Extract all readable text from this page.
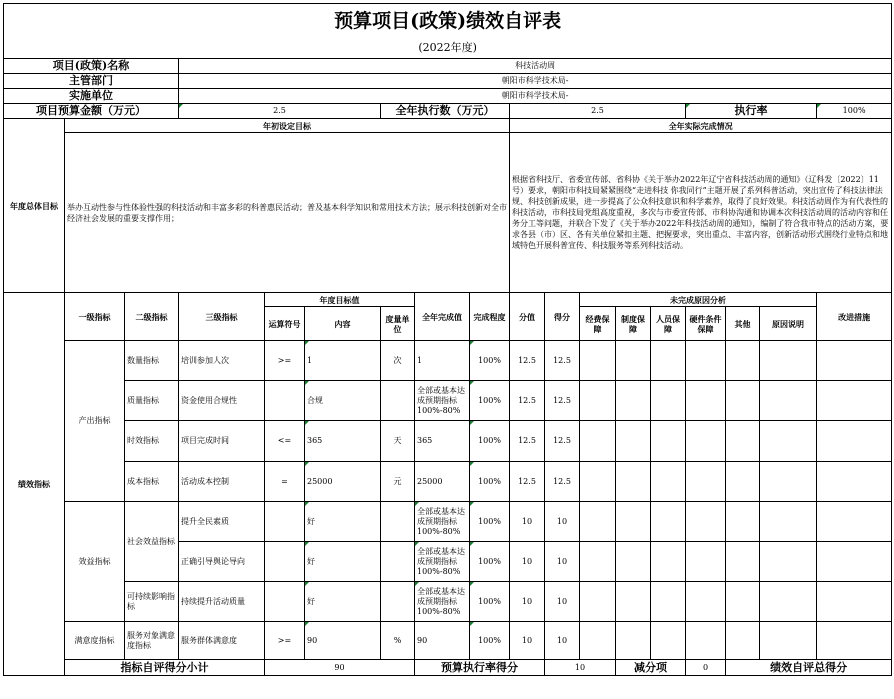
预算项目(政策)绩效自评表																		
(2022年度)																		
项目(政策)名称			科技活动周															
主管部门			朝阳市科学技术局-															
实施单位			朝阳市科学技术局-															
项目预算金额（万元）			2.5			全年执行数（万元）			2.5					执行率			100%	
年度总体目标	年初设定目标								全年实际完成情况									
	举办互动性参与性体验性强的科技活动和丰富多彩的科普惠民活动；普及基本科学知识和常用技术方法；展示科技创新对全市经济社会发展的重要支撑作用；								根据省科技厅、省委宣传部、省科协《关于举办2022年辽宁省科技活动周的通知》（辽科发〔2022〕11号）要求，朝阳市科技局紧紧围绕“走进科技 你我同行”主题开展了系列科普活动，突出宣传了科技法律法规、科技创新成果，进一步提高了公众科技意识和科学素养，取得了良好效果。科技活动周作为有代表性的科技活动，市科技局党组高度重视，多次与市委宣传部、市科协沟通和协调本次科技活动周的活动内容和任务分工等问题，并联合下发了《关于举办2022年科技活动周的通知》，编制了符合我市特点的活动方案，要求各县（市）区、各有关单位紧扣主题、把握要求，突出重点、丰富内容，创新活动形式围绕行业特点和地域特色开展科普宣传、科技服务等系列科技活动。									
绩效指标	一级指标	二级指标	三级指标	年度目标值			全年完成值	完成程度	分值	得分	未完成原因分析						改进措施	
				运算符号	内容	度量单位					经费保障	制度保障	人员保障	硬件条件保障	其他	原因说明		
	产出指标	数量指标	培训参加人次	>=	1	次	1	100%	12.5	12.5								

		质量指标	资金使用合规性		合规		全部或基本达成预期指标100%-80%	100%	12.5	12.5								

		时效指标	项目完成时间	<=	365	天	365	100%	12.5	12.5								

		成本指标	活动成本控制	=	25000	元	25000	100%	12.5	12.5								

	效益指标	社会效益指标	提升全民素质		好		全部或基本达成预期指标100%-80%	100%	10	10								
			正确引导舆论导向		好		全部或基本达成预期指标100%-80%	100%	10	10								
		可持续影响指标	持续提升活动质量		好		全部或基本达成预期指标100%-80%	100%	10	10								
	满意度指标	服务对象满意度指标	服务群体满意度	>=	90	%	90	100%	10	10								
	指标自评得分小计			90			预算执行率得分			10		减分项		0	绩效自评总得分	
